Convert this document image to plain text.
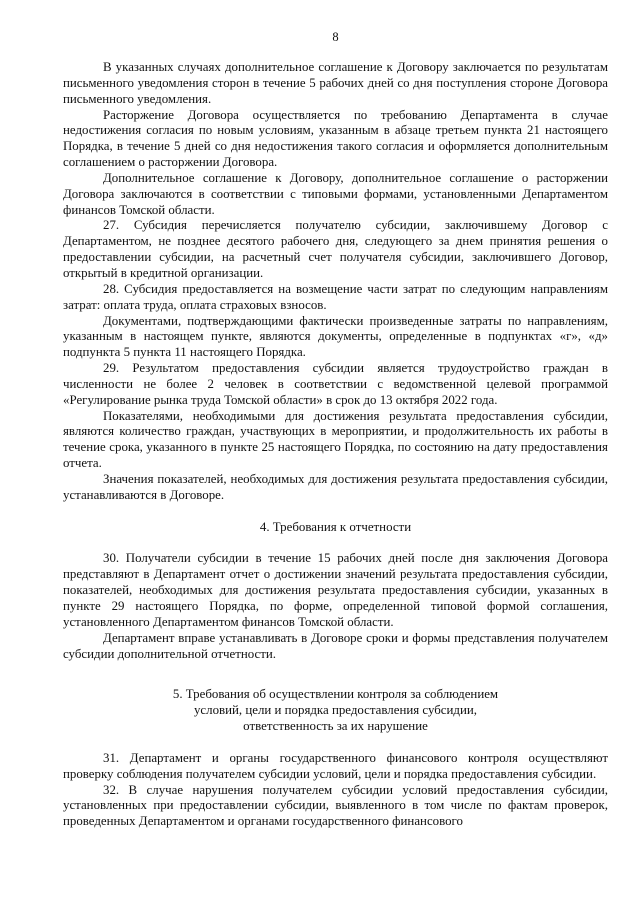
8

В указанных случаях дополнительное соглашение к Договору заключается по результатам письменного уведомления сторон в течение 5 рабочих дней со дня поступления стороне Договора письменного уведомления.

Расторжение Договора осуществляется по требованию Департамента в случае недостижения согласия по новым условиям, указанным в абзаце третьем пункта 21 настоящего Порядка, в течение 5 дней со дня недостижения такого согласия и оформляется дополнительным соглашением о расторжении Договора.

Дополнительное соглашение к Договору, дополнительное соглашение о расторжении Договора заключаются в соответствии с типовыми формами, установленными Департаментом финансов Томской области.

27. Субсидия перечисляется получателю субсидии, заключившему Договор с Департаментом, не позднее десятого рабочего дня, следующего за днем принятия решения о предоставлении субсидии, на расчетный счет получателя субсидии, заключившего Договор, открытый в кредитной организации.

28. Субсидия предоставляется на возмещение части затрат по следующим направлениям затрат: оплата труда, оплата страховых взносов.

Документами, подтверждающими фактически произведенные затраты по направлениям, указанным в настоящем пункте, являются документы, определенные в подпунктах «г», «д» подпункта 5 пункта 11 настоящего Порядка.

29. Результатом предоставления субсидии является трудоустройство граждан в численности не более 2 человек в соответствии с ведомственной целевой программой «Регулирование рынка труда Томской области» в срок до 13 октября 2022 года.

Показателями, необходимыми для достижения результата предоставления субсидии, являются количество граждан, участвующих в мероприятии, и продолжительность их работы в течение срока, указанного в пункте 25 настоящего Порядка, по состоянию на дату предоставления отчета.

Значения показателей, необходимых для достижения результата предоставления субсидии, устанавливаются в Договоре.

4. Требования к отчетности

30. Получатели субсидии в течение 15 рабочих дней после дня заключения Договора представляют в Департамент отчет о достижении значений результата предоставления субсидии, показателей, необходимых для достижения результата предоставления субсидии, указанных в пункте 29 настоящего Порядка, по форме, определенной типовой формой соглашения, установленного Департаментом финансов Томской области.

Департамент вправе устанавливать в Договоре сроки и формы представления получателем субсидии дополнительной отчетности.

5. Требования об осуществлении контроля за соблюдением
условий, цели и порядка предоставления субсидии,
ответственность за их нарушение

31. Департамент и органы государственного финансового контроля осуществляют проверку соблюдения получателем субсидии условий, цели и порядка предоставления субсидии.

32. В случае нарушения получателем субсидии условий предоставления субсидии, установленных при предоставлении субсидии, выявленного в том числе по фактам проверок, проведенных Департаментом и органами государственного финансового
